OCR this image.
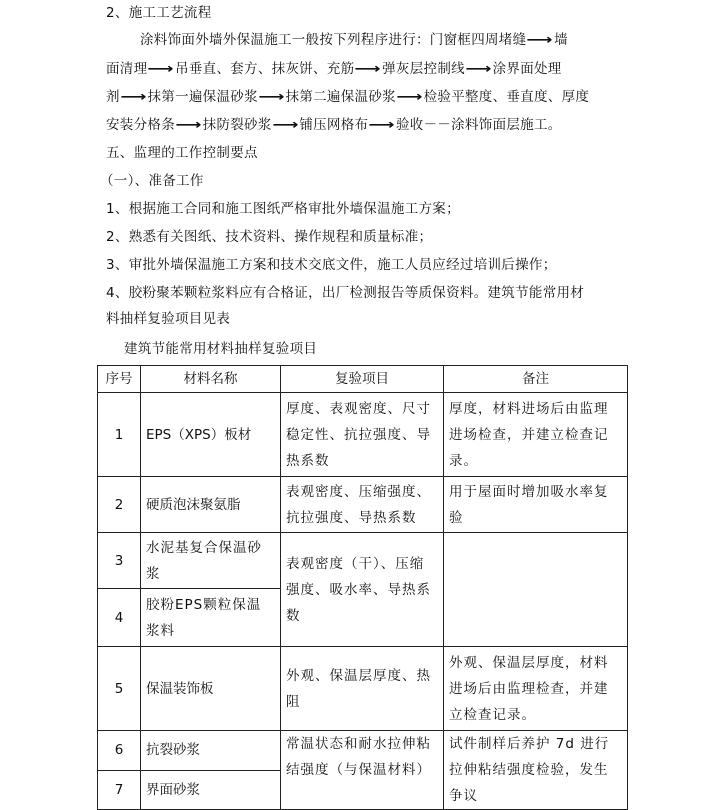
2、施工工艺流程
涂料饰面外墙外保温施工一般按下列程序进行：门窗框四周堵缝⟶墙
面清理⟶吊垂直、套方、抹灰饼、充筋⟶弹灰层控制线⟶涂界面处理
剂⟶抹第一遍保温砂浆⟶抹第二遍保温砂浆⟶检验平整度、垂直度、厚度
安装分格条⟶抹防裂砂浆⟶铺压网格布⟶验收－－涂料饰面层施工。
五、监理的工作控制要点
（一）、准备工作
1、根据施工合同和施工图纸严格审批外墙保温施工方案；
2、熟悉有关图纸、技术资料、操作规程和质量标准；
3、审批外墙保温施工方案和技术交底文件，施工人员应经过培训后操作；
4、胶粉聚苯颗粒浆料应有合格证，出厂检测报告等质保资料。建筑节能常用材
料抽样复验项目见表
建筑节能常用材料抽样复验项目
序号	材料名称	复验项目	备注
1	EPS（XPS）板材	厚度、表观密度、尺寸稳定性、抗拉强度、导热系数	厚度，材料进场后由监理进场检查，并建立检查记录。
2	硬质泡沫聚氨脂	表观密度、压缩强度、抗拉强度、导热系数	用于屋面时增加吸水率复验
3	水泥基复合保温砂浆	表观密度（干）、压缩强度、吸水率、导热系数	
4	胶粉EPS颗粒保温浆料		
5	保温装饰板	外观、保温层厚度、热阻	外观、保温层厚度，材料进场后由监理检查，并建立检查记录。
6	抗裂砂浆	常温状态和耐水拉伸粘结强度（与保温材料）	试件制样后养护 7d 进行拉伸粘结强度检验，发生争议
7	界面砂浆		
